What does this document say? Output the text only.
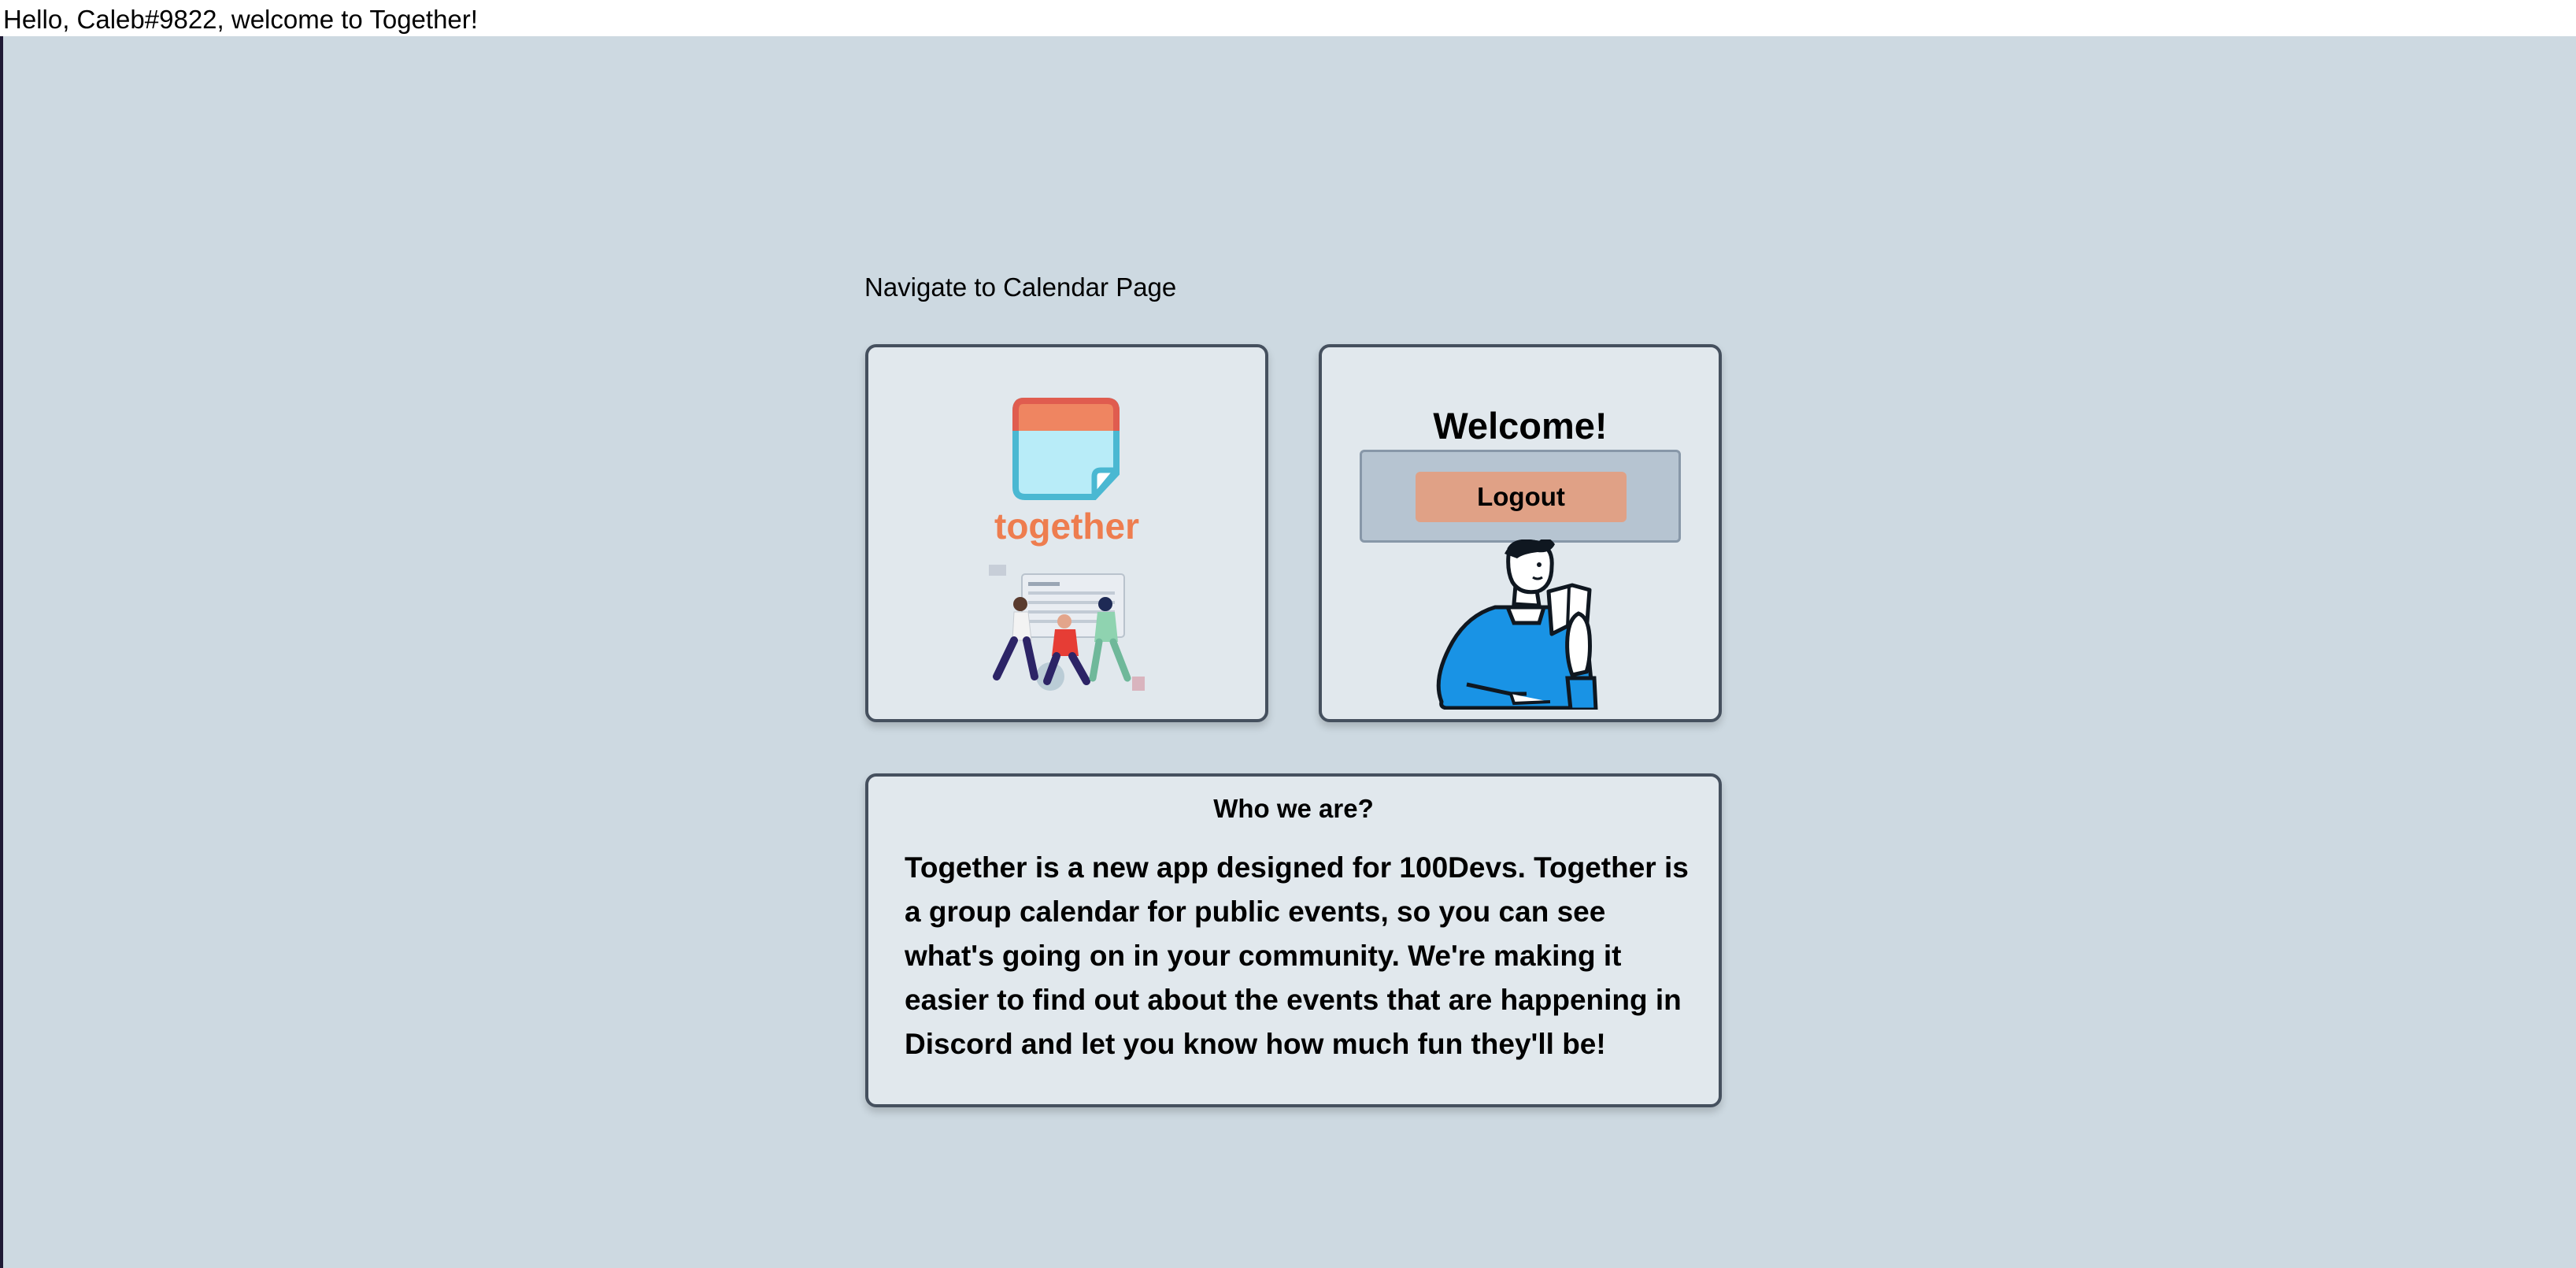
Hello, Caleb#9822, welcome to Together!
Navigate to Calendar Page
together
Welcome!
Logout
Who we are?
Together is a new app designed for 100Devs. Together is a group calendar for public events, so you can see what's going on in your community. We're making it easier to find out about the events that are happening in Discord and let you know how much fun they'll be!
